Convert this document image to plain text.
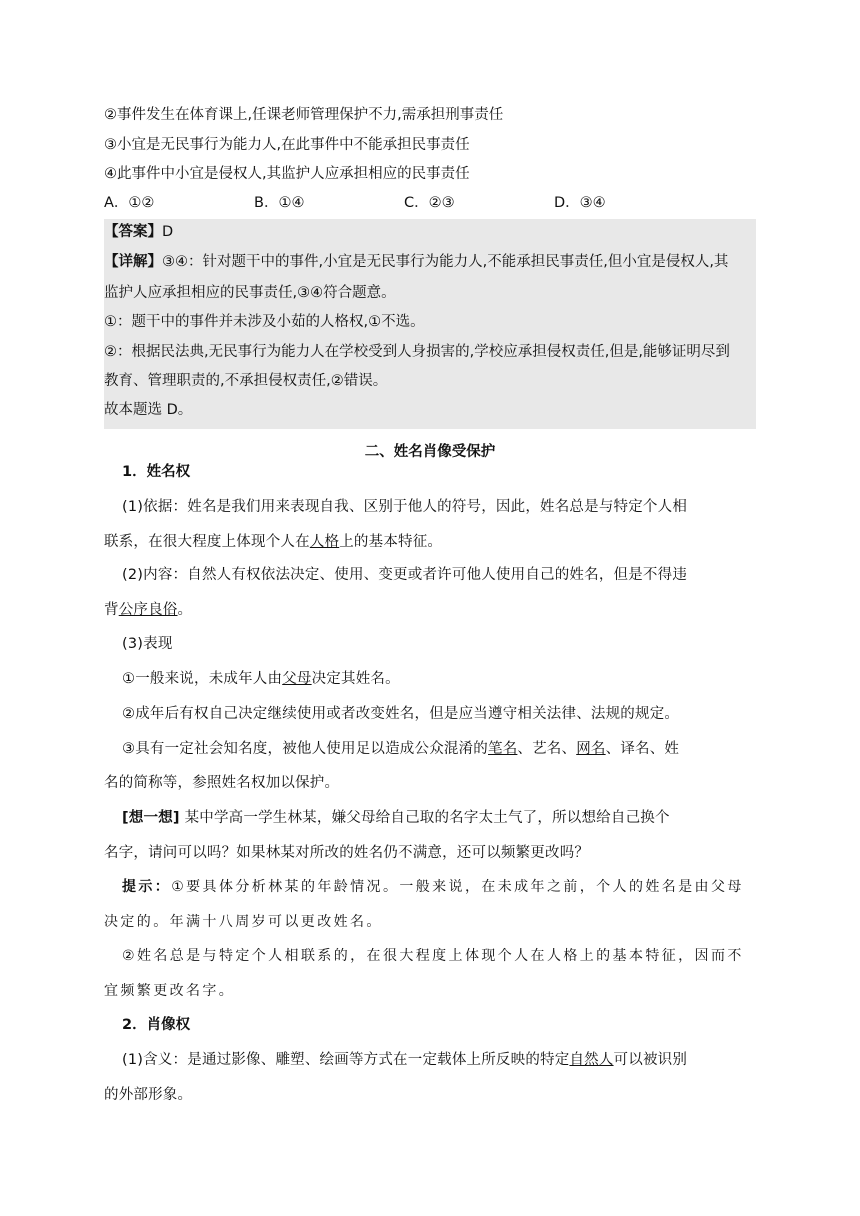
②事件发生在体育课上,任课老师管理保护不力,需承担刑事责任
③小宜是无民事行为能力人,在此事件中不能承担民事责任
④此事件中小宜是侵权人,其监护人应承担相应的民事责任
A．①②	B．①④	C．②③	D．③④
【答案】D
【详解】③④：针对题干中的事件,小宜是无民事行为能力人,不能承担民事责任,但小宜是侵权人,其
监护人应承担相应的民事责任,③④符合题意。
①：题干中的事件并未涉及小茹的人格权,①不选。
②：根据民法典,无民事行为能力人在学校受到人身损害的,学校应承担侵权责任,但是,能够证明尽到
教育、管理职责的,不承担侵权责任,②错误。
故本题选 D。
二、姓名肖像受保护
1．姓名权
(1)依据：姓名是我们用来表现自我、区别于他人的符号，因此，姓名总是与特定个人相
联系，在很大程度上体现个人在人格上的基本特征。
(2)内容：自然人有权依法决定、使用、变更或者许可他人使用自己的姓名，但是不得违
背公序良俗。
(3)表现
①一般来说，未成年人由父母决定其姓名。
②成年后有权自己决定继续使用或者改变姓名，但是应当遵守相关法律、法规的规定。
③具有一定社会知名度，被他人使用足以造成公众混淆的笔名、艺名、网名、译名、姓
名的简称等，参照姓名权加以保护。
[想一想] 某中学高一学生林某，嫌父母给自己取的名字太土气了，所以想给自己换个
名字，请问可以吗？如果林某对所改的姓名仍不满意，还可以频繁更改吗？
提示：①要具体分析林某的年龄情况。一般来说，在未成年之前，个人的姓名是由父母
决定的。年满十八周岁可以更改姓名。
②姓名总是与特定个人相联系的，在很大程度上体现个人在人格上的基本特征，因而不
宜频繁更改名字。
2．肖像权
(1)含义：是通过影像、雕塑、绘画等方式在一定载体上所反映的特定自然人可以被识别
的外部形象。
